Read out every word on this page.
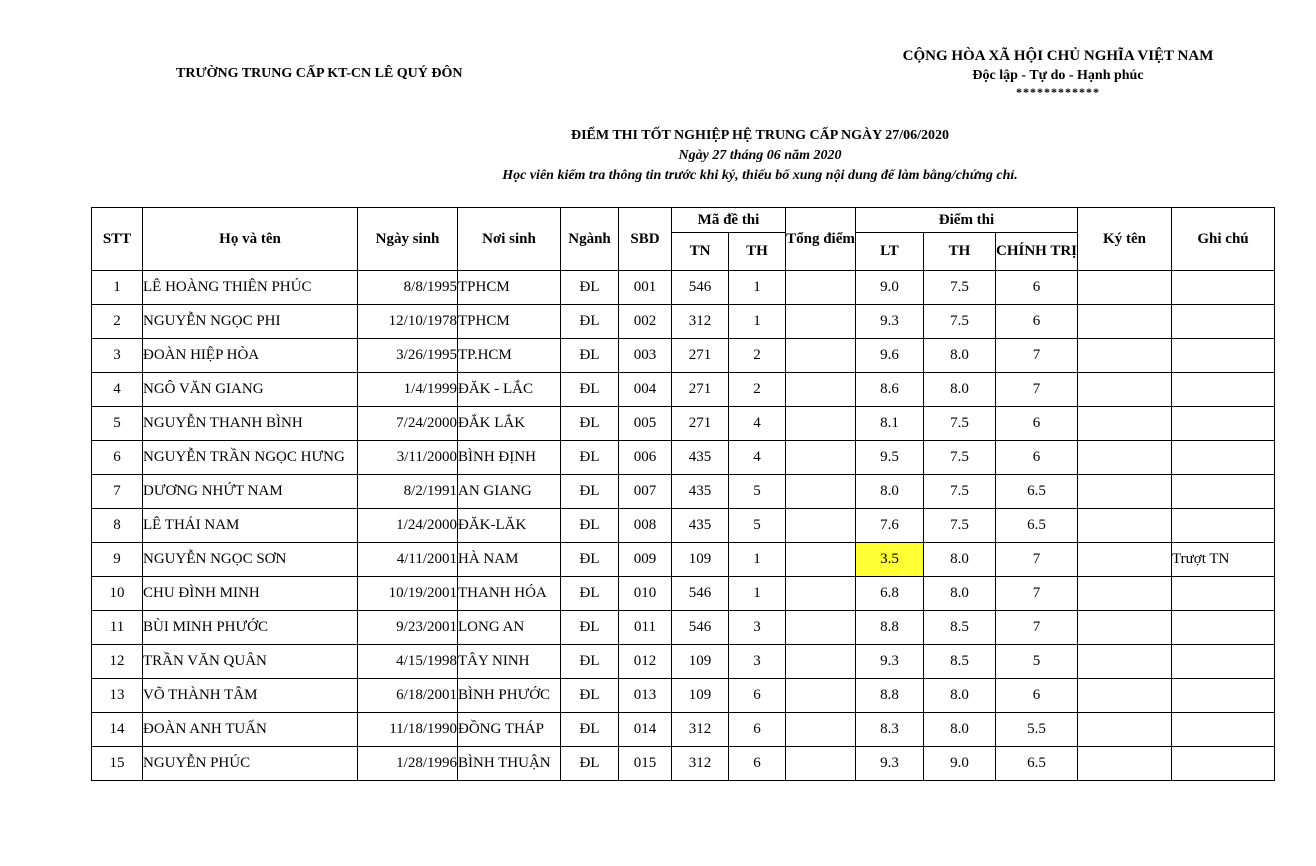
TRƯỜNG TRUNG CẤP KT-CN LÊ QUÝ ĐÔN
CỘNG HÒA XÃ HỘI CHỦ NGHĨA VIỆT NAM
Độc lập - Tự do - Hạnh phúc
************
ĐIỂM THI TỐT NGHIỆP HỆ TRUNG CẤP NGÀY 27/06/2020
Ngày 27 tháng 06 năm 2020
Học viên kiểm tra thông tin trước khi ký, thiếu bổ xung nội dung để làm bằng/chứng chỉ.
STT	Họ và tên	Ngày sinh	Nơi sinh	Ngành	SBD	Mã đề thi		Tổng điểm	Điểm thi			Ký tên	Ghi chú
						TN	TH		LT	TH	CHÍNH TRỊ		
1	LÊ HOÀNG THIÊN PHÚC	8/8/1995	TPHCM	ĐL	001	546	1		9.0	7.5	6		
2	NGUYỄN NGỌC PHI	12/10/1978	TPHCM	ĐL	002	312	1		9.3	7.5	6		
3	ĐOÀN HIỆP HÒA	3/26/1995	TP.HCM	ĐL	003	271	2		9.6	8.0	7		
4	NGÔ VĂN GIANG	1/4/1999	ĐĂK - LẮC	ĐL	004	271	2		8.6	8.0	7		
5	NGUYỄN THANH BÌNH	7/24/2000	ĐẮK LẮK	ĐL	005	271	4		8.1	7.5	6		
6	NGUYỄN TRẦN NGỌC HƯNG	3/11/2000	BÌNH ĐỊNH	ĐL	006	435	4		9.5	7.5	6		
7	DƯƠNG NHỨT NAM	8/2/1991	AN GIANG	ĐL	007	435	5		8.0	7.5	6.5		
8	LÊ THÁI NAM	1/24/2000	ĐĂK-LĂK	ĐL	008	435	5		7.6	7.5	6.5		
9	NGUYỄN NGỌC SƠN	4/11/2001	HÀ NAM	ĐL	009	109	1		3.5	8.0	7		Trượt TN
10	CHU ĐÌNH MINH	10/19/2001	THANH HÓA	ĐL	010	546	1		6.8	8.0	7		
11	BÙI MINH PHƯỚC	9/23/2001	LONG AN	ĐL	011	546	3		8.8	8.5	7		
12	TRẦN VĂN QUÂN	4/15/1998	TÂY NINH	ĐL	012	109	3		9.3	8.5	5		
13	VÕ THÀNH TÂM	6/18/2001	BÌNH PHƯỚC	ĐL	013	109	6		8.8	8.0	6		
14	ĐOÀN ANH TUẤN	11/18/1990	ĐỒNG THÁP	ĐL	014	312	6		8.3	8.0	5.5		
15	NGUYỄN PHÚC	1/28/1996	BÌNH THUẬN	ĐL	015	312	6		9.3	9.0	6.5		
